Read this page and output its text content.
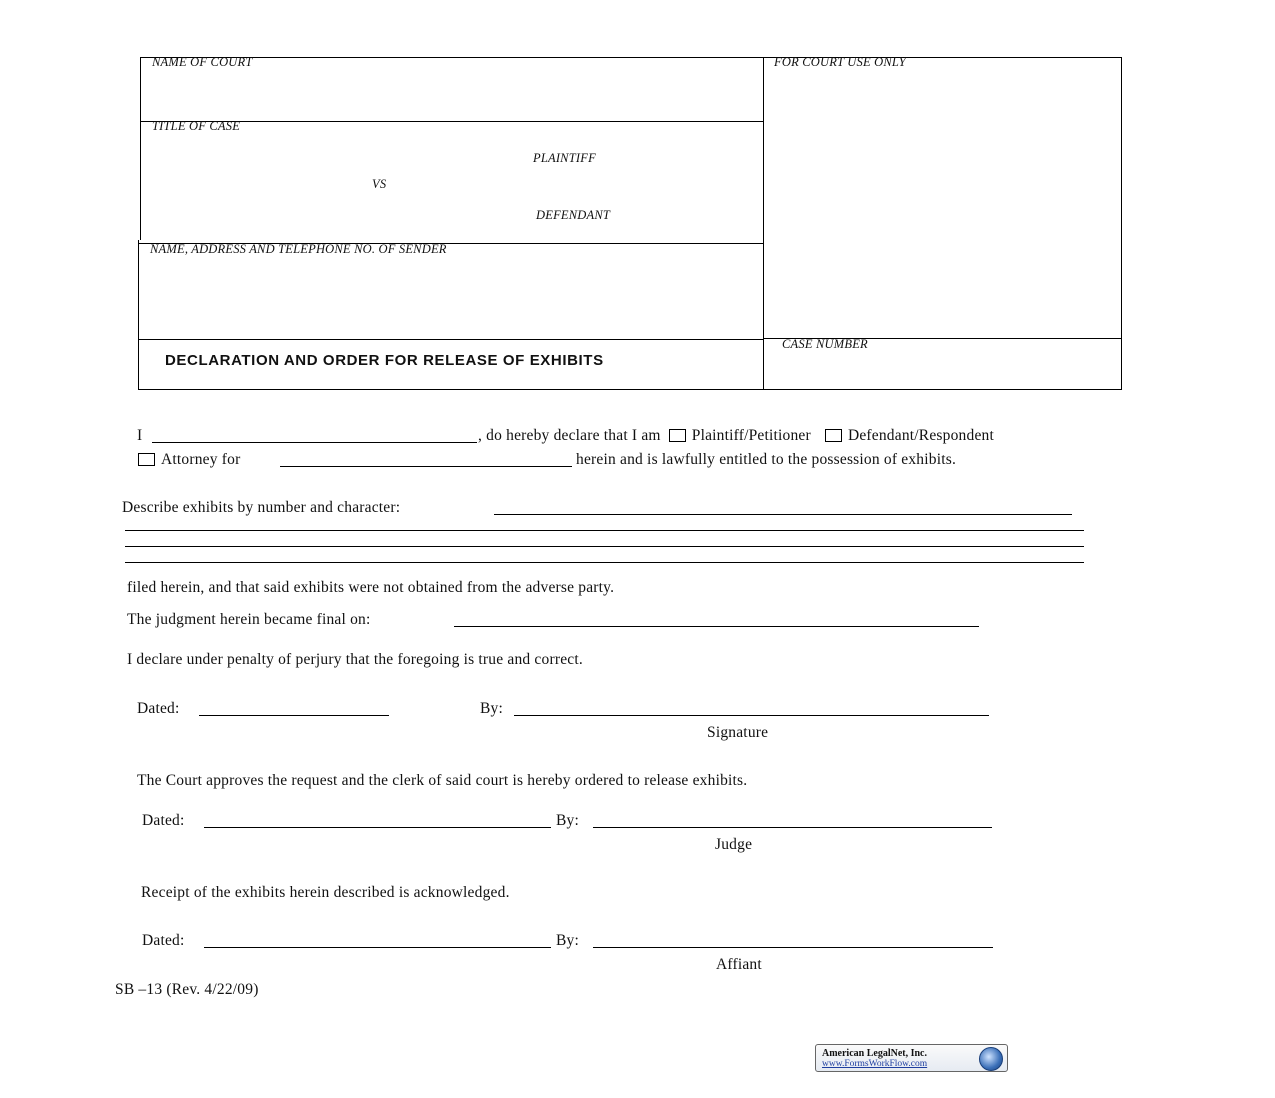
NAME OF COURT	FOR COURT USE ONLY
TITLE OF CASE
PLAINTIFF
VS
DEFENDANT
NAME, ADDRESS AND TELEPHONE NO. OF SENDER
DECLARATION AND ORDER FOR RELEASE OF EXHIBITS
CASE NUMBER
I	, do hereby declare that I am Plaintiff/Petitioner Defendant/Respondent
Attorney for	herein and is lawfully entitled to the possession of exhibits.
Describe exhibits by number and character:
filed herein, and that said exhibits were not obtained from the adverse party.
The judgment herein became final on:
I declare under penalty of perjury that the foregoing is true and correct.
Dated:	By:
Signature
The Court approves the request and the clerk of said court is hereby ordered to release exhibits.
Dated:	By:
Judge
Receipt of the exhibits herein described is acknowledged.
Dated:	By:
Affiant
SB –13 (Rev. 4/22/09)
American LegalNet, Inc.
www.FormsWorkFlow.com
